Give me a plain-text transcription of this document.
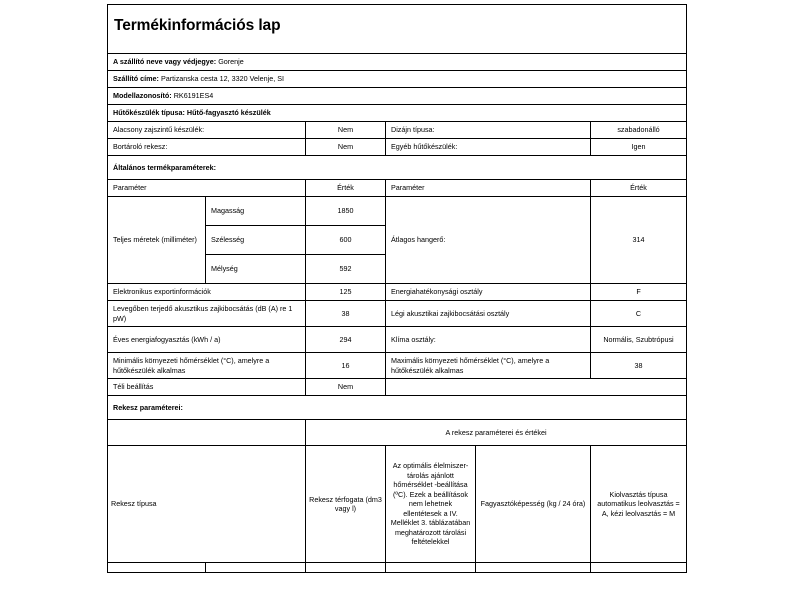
Termékinformációs lap					

A szállító neve vagy védjegye: Gorenje					
Szállító címe: Partizanska cesta 12, 3320 Velenje, SI					
Modellazonosító: RK6191ES4					
Hűtőkészülék típusa: Hűtő-fagyasztó készülék					
Alacsony zajszintű készülék:		Nem	Dizájn típusa:		szabadonálló
Bortároló rekesz:		Nem	Egyéb hűtőkészülék:		Igen
Általános termékparaméterek:					
Paraméter		Érték	Paraméter		Érték
Teljes méretek (milliméter)	Magasság	1850	Átlagos hangerő:		314
	Szélesség	600			
	Mélység	592			
Elektronikus exportinformációk		125	Energiahatékonysági osztály		F
Levegőben terjedő akusztikus zajkibocsátás (dB (A) re 1 pW)		38	Légi akusztikai zajkibocsátási osztály		C
Éves energiafogyasztás (kWh / a)		294	Klíma osztály:		Normális, Szubtrópusi
Minimális környezeti hőmérséklet (°C), amelyre a hűtőkészülék alkalmas		16	Maximális környezeti hőmérséklet (°C), amelyre a hűtőkészülék alkalmas		38
Téli beállítás		Nem			
Rekesz paraméterei:					
		A rekesz paraméterei és értékei			
Rekesz típusa		Rekesz térfogata (dm3 vagy l)	Az optimális élelmiszer-tárolás ajánlott hőmérséklet -beállítása (ºC). Ezek a beállítások nem lehetnek ellentétesek a IV. Melléklet 3. táblázatában meghatározott tárolási feltételekkel	Fagyasztóképesség (kg / 24 óra)	Kiolvasztás típusa automatikus leolvasztás = A, kézi leolvasztás = M
